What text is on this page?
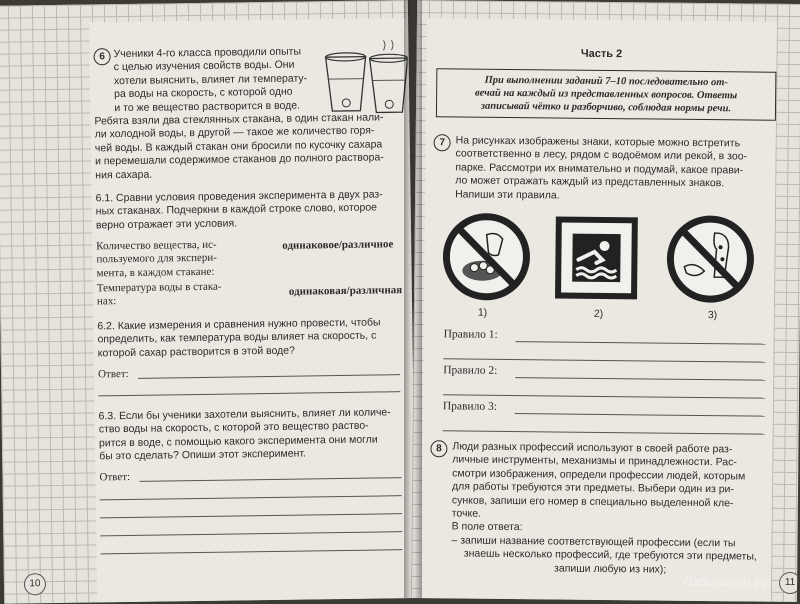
6 Ученики 4-го класса проводили опыты
с целью изучения свойств воды. Они
хотели выяснить, влияет ли температу-
ра воды на скорость, с которой одно
и то же вещество растворится в воде.
Ребята взяли два стеклянных стакана, в один стакан нали-
ли холодной воды, в другой — такое же количество горя-
чей воды. В каждый стакан они бросили по кусочку сахара
и перемешали содержимое стаканов до полного раствора-
ния сахара.
6.1. Сравни условия проведения эксперимента в двух раз-
ных стаканах. Подчеркни в каждой строке слово, которое
верно отражает эти условия.
Количество вещества, ис-
пользуемого для экспери-
мента, в каждом стакане:
одинаковое/различное
Температура воды в стака-
нах:
одинаковая/различная
6.2. Какие измерения и сравнения нужно провести, чтобы
определить, как температура воды влияет на скорость, с
которой сахар растворится в этой воде?
Ответ:
6.3. Если бы ученики захотели выяснить, влияет ли количе-
ство воды на скорость, с которой это вещество раство-
рится в воде, с помощью какого эксперимента они могли
бы это сделать? Опиши этот эксперимент.
Ответ:
10
Часть 2
При выполнении заданий 7–10 последовательно от-
вечай на каждый из представленных вопросов. Ответы
записывай чётко и разборчиво, соблюдая нормы речи.
7	На рисунках изображены знаки, которые можно встретить
соответственно в лесу, рядом с водоёмом или рекой, в зоо-
парке. Рассмотри их внимательно и подумай, какое прави-
ло может отражать каждый из представленных знаков.
Напиши эти правила.
1)	2)	3)
Правило 1:
Правило 2:
Правило 3:
8	Люди разных профессий используют в своей работе раз-
личные инструменты, механизмы и принадлежности. Рас-
смотри изображения, определи профессии людей, которым
для работы требуются эти предметы. Выбери один из ри-
сунков, запиши его номер в специально выделенной кле-
точке.
В поле ответа:
– запиши название соответствующей профессии (если ты
знаешь несколько профессий, где требуются эти предметы,
запиши любую из них);
11
Лабиринт.ру
